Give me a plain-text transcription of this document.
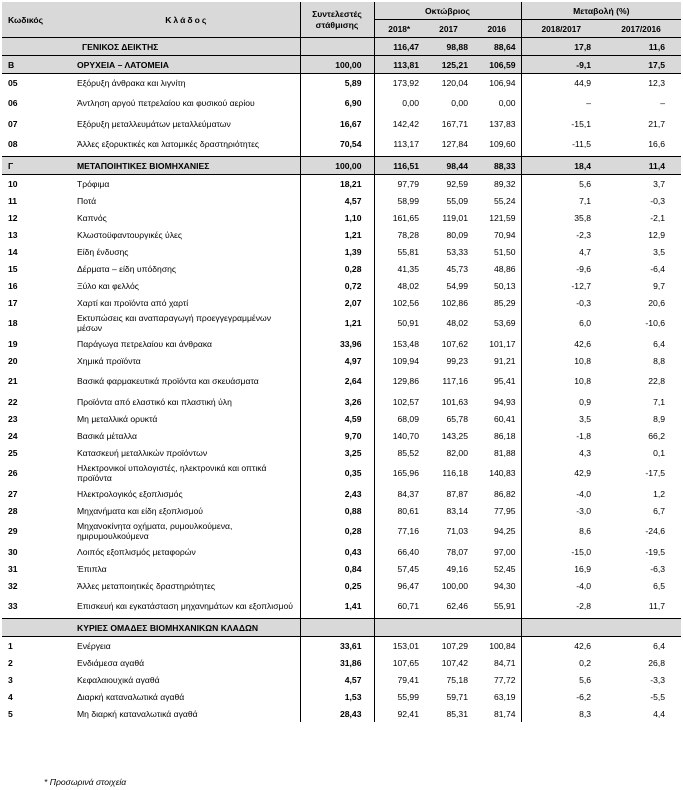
Κωδικός	Κλάδος	Συντελεστές
στάθμισης	Οκτώβριος			Μεταβολή (%)	
			2018*	2017	2016	2018/2017	2017/2016

	ΓΕΝΙΚΟΣ ΔΕΙΚΤΗΣ		116,47	98,88	88,64	17,8	11,6
Β	ΟΡΥΧΕΙΑ – ΛΑΤΟΜΕΙΑ	100,00	113,81	125,21	106,59	-9,1	17,5
05	Εξόρυξη άνθρακα και λιγνίτη	5,89	173,92	120,04	106,94	44,9	12,3
06	Άντληση αργού πετρελαίου και φυσικού αερίου	6,90	0,00	0,00	0,00	–	–
07	Εξόρυξη μεταλλευμάτων μεταλλεύματων	16,67	142,42	167,71	137,83	-15,1	21,7
08	Άλλες εξορυκτικές και λατομικές δραστηριότητες	70,54	113,17	127,84	109,60	-11,5	16,6
Γ	ΜΕΤΑΠΟΙΗΤΙΚΕΣ ΒΙΟΜΗΧΑΝΙΕΣ	100,00	116,51	98,44	88,33	18,4	11,4
10	Τρόφιμα	18,21	97,79	92,59	89,32	5,6	3,7
11	Ποτά	4,57	58,99	55,09	55,24	7,1	-0,3
12	Καπνός	1,10	161,65	119,01	121,59	35,8	-2,1
13	Κλωστοϋφαντουργικές ύλες	1,21	78,28	80,09	70,94	-2,3	12,9
14	Είδη ένδυσης	1,39	55,81	53,33	51,50	4,7	3,5
15	Δέρματα – είδη υπόδησης	0,28	41,35	45,73	48,86	-9,6	-6,4
16	Ξύλο και φελλός	0,72	48,02	54,99	50,13	-12,7	9,7
17	Χαρτί και προϊόντα από χαρτί	2,07	102,56	102,86	85,29	-0,3	20,6
18	Εκτυπώσεις και αναπαραγωγή προεγγεγραμμένων μέσων	1,21	50,91	48,02	53,69	6,0	-10,6
19	Παράγωγα πετρελαίου και άνθρακα	33,96	153,48	107,62	101,17	42,6	6,4
20	Χημικά προϊόντα	4,97	109,94	99,23	91,21	10,8	8,8
21	Βασικά φαρμακευτικά προϊόντα και σκευάσματα	2,64	129,86	117,16	95,41	10,8	22,8
22	Προϊόντα από ελαστικό και πλαστική ύλη	3,26	102,57	101,63	94,93	0,9	7,1
23	Μη μεταλλικά ορυκτά	4,59	68,09	65,78	60,41	3,5	8,9
24	Βασικά μέταλλα	9,70	140,70	143,25	86,18	-1,8	66,2
25	Κατασκευή μεταλλικών προϊόντων	3,25	85,52	82,00	81,88	4,3	0,1
26	Ηλεκτρονικοί υπολογιστές, ηλεκτρονικά και οπτικά προϊόντα	0,35	165,96	116,18	140,83	42,9	-17,5
27	Ηλεκτρολογικός εξοπλισμός	2,43	84,37	87,87	86,82	-4,0	1,2
28	Μηχανήματα και είδη εξοπλισμού	0,88	80,61	83,14	77,95	-3,0	6,7
29	Μηχανοκίνητα οχήματα, ρυμουλκούμενα, ημιρυμουλκούμενα	0,28	77,16	71,03	94,25	8,6	-24,6
30	Λοιπός εξοπλισμός μεταφορών	0,43	66,40	78,07	97,00	-15,0	-19,5
31	Έπιπλα	0,84	57,45	49,16	52,45	16,9	-6,3
32	Άλλες μεταποιητικές δραστηριότητες	0,25	96,47	100,00	94,30	-4,0	6,5
33	Επισκευή και εγκατάσταση μηχανημάτων και εξοπλισμού	1,41	60,71	62,46	55,91	-2,8	11,7

	ΚΥΡΙΕΣ ΟΜΑΔΕΣ ΒΙΟΜΗΧΑΝΙΚΩΝ ΚΛΑΔΩΝ						

1	Ενέργεια	33,61	153,01	107,29	100,84	42,6	6,4
2	Ενδιάμεσα αγαθά	31,86	107,65	107,42	84,71	0,2	26,8
3	Κεφαλαιουχικά αγαθά	4,57	79,41	75,18	77,72	5,6	-3,3
4	Διαρκή καταναλωτικά αγαθά	1,53	55,99	59,71	63,19	-6,2	-5,5
5	Μη διαρκή καταναλωτικά αγαθά	28,43	92,41	85,31	81,74	8,3	4,4
* Προσωρινά στοιχεία
